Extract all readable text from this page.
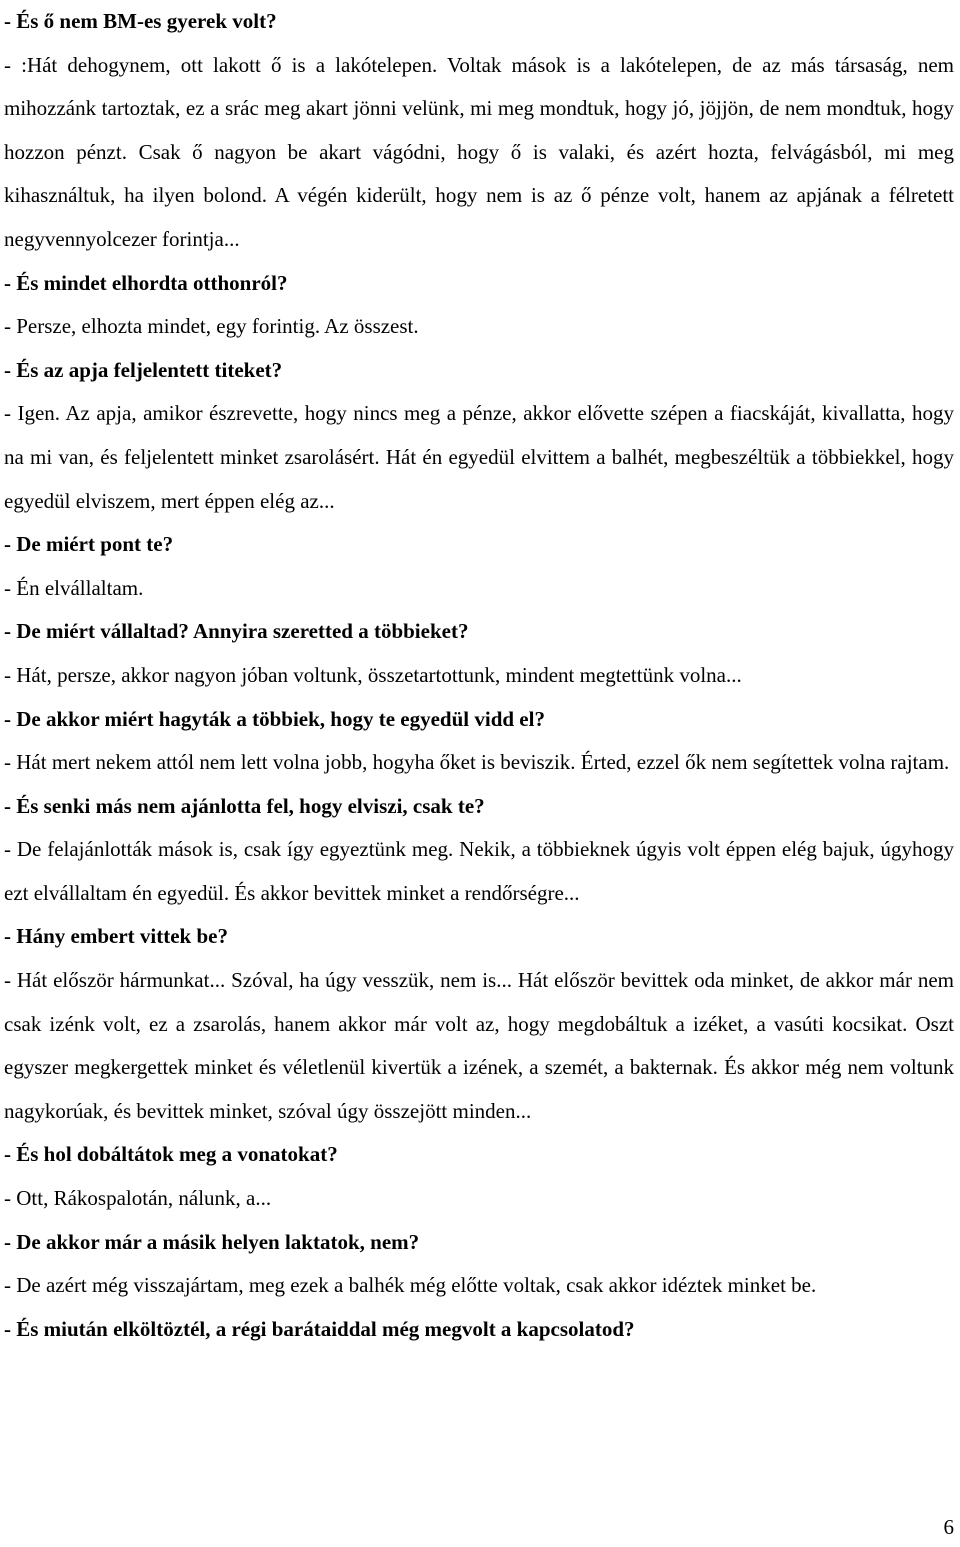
- És ő nem BM-es gyerek volt?

- :Hát dehogynem, ott lakott ő is a lakótelepen. Voltak mások is a lakótelepen, de az más társaság, nem mihozzánk tartoztak, ez a srác meg akart jönni velünk, mi meg mondtuk, hogy jó, jöjjön, de nem mondtuk, hogy hozzon pénzt. Csak ő nagyon be akart vágódni, hogy ő is valaki, és azért hozta, felvágásból, mi meg kihasználtuk, ha ilyen bolond. A végén kiderült, hogy nem is az ő pénze volt, hanem az apjának a félretett negyvennyolcezer forintja...

- És mindet elhordta otthonról?

- Persze, elhozta mindet, egy forintig. Az összest.

- És az apja feljelentett titeket?

- Igen. Az apja, amikor észrevette, hogy nincs meg a pénze, akkor elővette szépen a fiacskáját, kivallatta, hogy na mi van, és feljelentett minket zsarolásért. Hát én egyedül elvittem a balhét, megbeszéltük a többiekkel, hogy egyedül elviszem, mert éppen elég az...

- De miért pont te?

- Én elvállaltam.

- De miért vállaltad? Annyira szeretted a többieket?

- Hát, persze, akkor nagyon jóban voltunk, összetartottunk, mindent megtettünk volna...

- De akkor miért hagyták a többiek, hogy te egyedül vidd el?

- Hát mert nekem attól nem lett volna jobb, hogyha őket is beviszik. Érted, ezzel ők nem segítettek volna rajtam.

- És senki más nem ajánlotta fel, hogy elviszi, csak te?

- De felajánlották mások is, csak így egyeztünk meg. Nekik, a többieknek úgyis volt éppen elég bajuk, úgyhogy ezt elvállaltam én egyedül. És akkor bevittek minket a rendőrségre...

- Hány embert vittek be?

- Hát először hármunkat... Szóval, ha úgy vesszük, nem is... Hát először bevittek oda minket, de akkor már nem csak izénk volt, ez a zsarolás, hanem akkor már volt az, hogy megdobáltuk a izéket, a vasúti kocsikat. Oszt egyszer megkergettek minket és véletlenül kivertük a izének, a szemét, a bakternak. És akkor még nem voltunk nagykorúak, és bevittek minket, szóval úgy összejött minden...

- És hol dobáltátok meg a vonatokat?

- Ott, Rákospalotán, nálunk, a...

- De akkor már a másik helyen laktatok, nem?

- De azért még visszajártam, meg ezek a balhék még előtte voltak, csak akkor idéztek minket be.

- És miután elköltöztél, a régi barátaiddal még megvolt a kapcsolatod?

6
